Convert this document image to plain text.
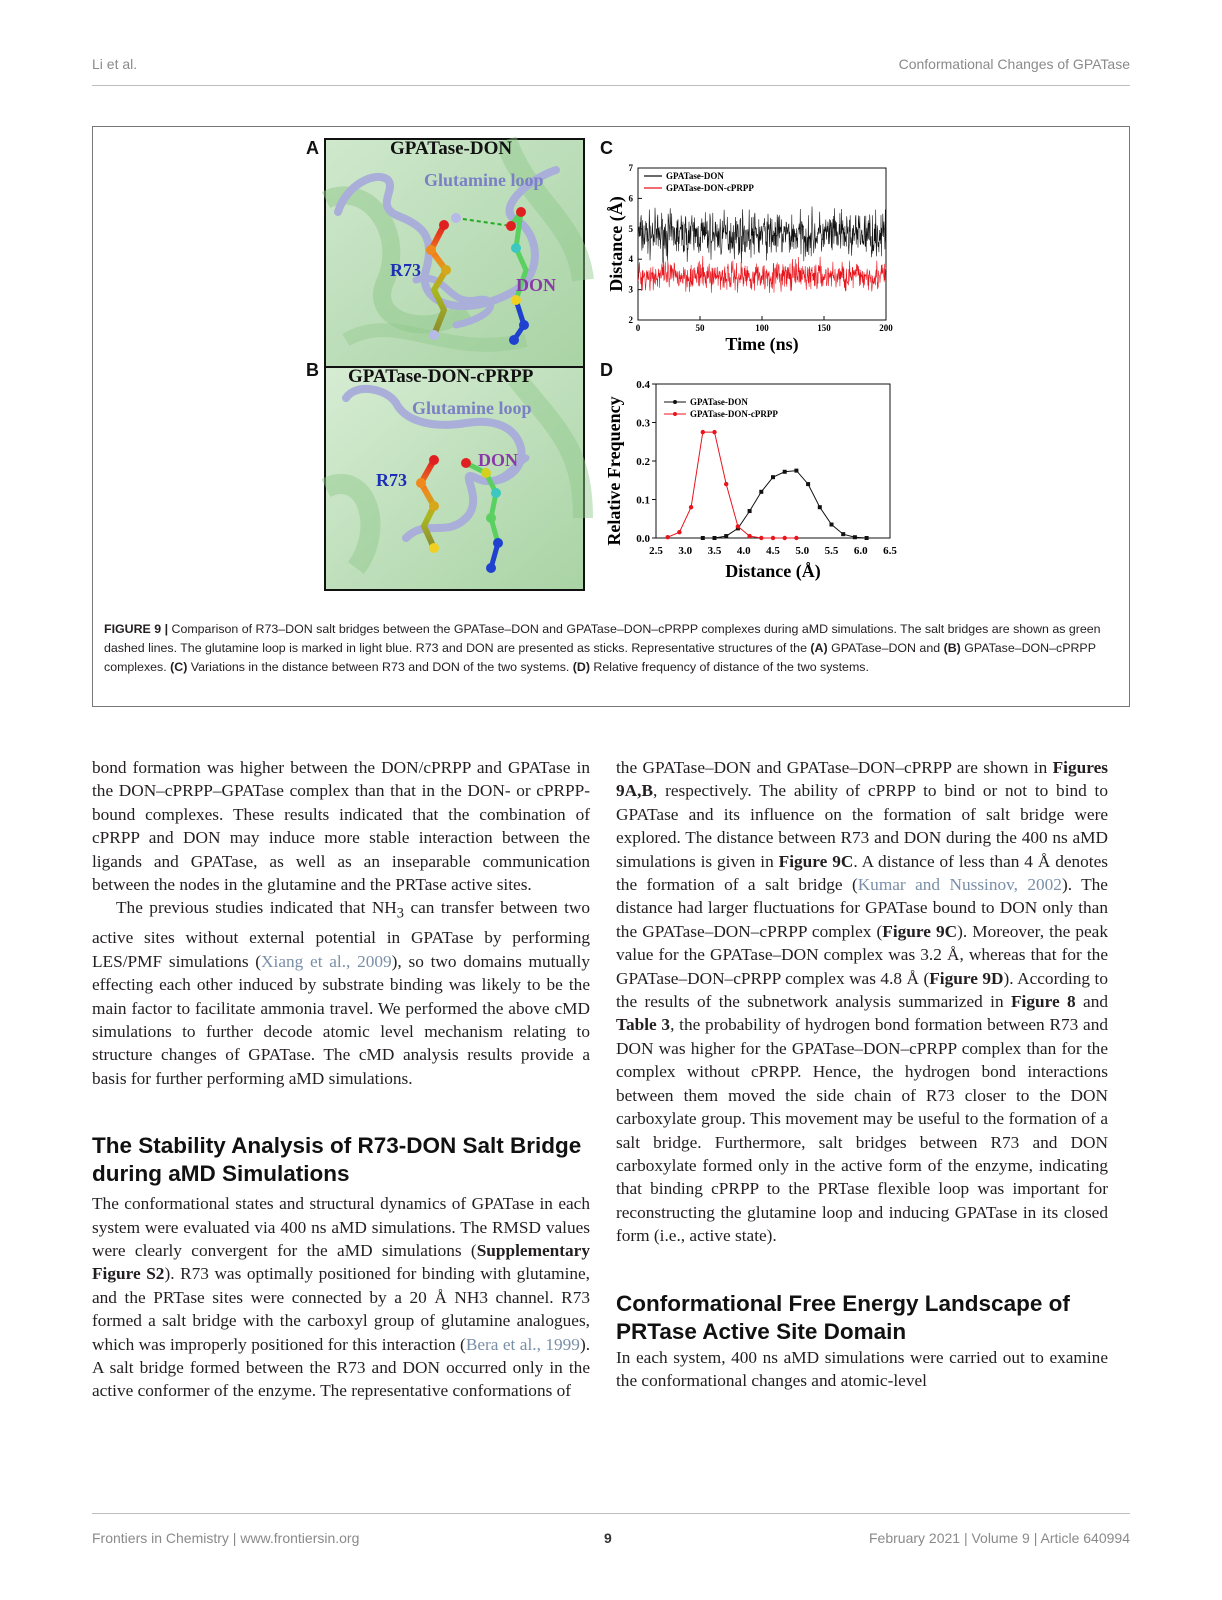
Li et al.	Conformational Changes of GPATase
A
B
C
D
GPATase-DON
Glutamine loop
R73
DON
GPATase-DON-cPRPP
Glutamine loop
R73
DON
0	50	100	150	200
2
3
4
5
6
7
Time (ns)
Distance (Å)
GPATase-DON
GPATase-DON-cPRPP
2.5 3.0 3.5 4.0 4.5 5.0 5.5 6.0 6.5
0.0
0.1
0.2
0.3
0.4
Distance (Å)
Relative Frequency	GPATase-DON
GPATase-DON-cPRPP
FIGURE 9 | Comparison of R73–DON salt bridges between the GPATase–DON and GPATase–DON–cPRPP complexes during aMD simulations. The salt bridges are shown as green dashed lines. The glutamine loop is marked in light blue. R73 and DON are presented as sticks. Representative structures of the (A) GPATase–DON and (B) GPATase–DON–cPRPP complexes. (C) Variations in the distance between R73 and DON of the two systems. (D) Relative frequency of distance of the two systems.

bond formation was higher between the DON/cPRPP and GPATase in the DON–cPRPP–GPATase complex than that in the DON- or cPRPP-bound complexes. These results indicated that the combination of cPRPP and DON may induce more stable interaction between the ligands and GPATase, as well as an inseparable communication between the nodes in the glutamine and the PRTase active sites.

The previous studies indicated that $NH_3$ can transfer between two active sites without external potential in GPATase by performing LES/PMF simulations (Xiang et al., 2009), so two domains mutually effecting each other induced by substrate binding was likely to be the main factor to facilitate ammonia travel. We performed the above cMD simulations to further decode atomic level mechanism relating to structure changes of GPATase. The cMD analysis results provide a basis for further performing aMD simulations.

The Stability Analysis of R73-DON Salt Bridge during aMD Simulations

The conformational states and structural dynamics of GPATase in each system were evaluated via 400 ns aMD simulations. The RMSD values were clearly convergent for the aMD simulations (Supplementary Figure S2). R73 was optimally positioned for binding with glutamine, and the PRTase sites were connected by a 20 Å NH3 channel. R73 formed a salt bridge with the carboxyl group of glutamine analogues, which was improperly positioned for this interaction (Bera et al., 1999). A salt bridge formed between the R73 and DON occurred only in the active conformer of the enzyme. The representative conformations of

the GPATase–DON and GPATase–DON–cPRPP are shown in Figures 9A,B, respectively. The ability of cPRPP to bind or not to bind to GPATase and its influence on the formation of salt bridge were explored. The distance between R73 and DON during the 400 ns aMD simulations is given in Figure 9C. A distance of less than 4 Å denotes the formation of a salt bridge (Kumar and Nussinov, 2002). The distance had larger fluctuations for GPATase bound to DON only than the GPATase–DON–cPRPP complex (Figure 9C). Moreover, the peak value for the GPATase–DON complex was 3.2 Å, whereas that for the GPATase–DON–cPRPP complex was 4.8 Å (Figure 9D). According to the results of the subnetwork analysis summarized in Figure 8 and Table 3, the probability of hydrogen bond formation between R73 and DON was higher for the GPATase–DON–cPRPP complex than for the complex without cPRPP. Hence, the hydrogen bond interactions between them moved the side chain of R73 closer to the DON carboxylate group. This movement may be useful to the formation of a salt bridge. Furthermore, salt bridges between R73 and DON carboxylate formed only in the active form of the enzyme, indicating that binding cPRPP to the PRTase flexible loop was important for reconstructing the glutamine loop and inducing GPATase in its closed form (i.e., active state).

Conformational Free Energy Landscape of PRTase Active Site Domain

In each system, 400 ns aMD simulations were carried out to examine the conformational changes and atomic-level

Frontiers in Chemistry | www.frontiersin.org	9	February 2021 | Volume 9 | Article 640994
